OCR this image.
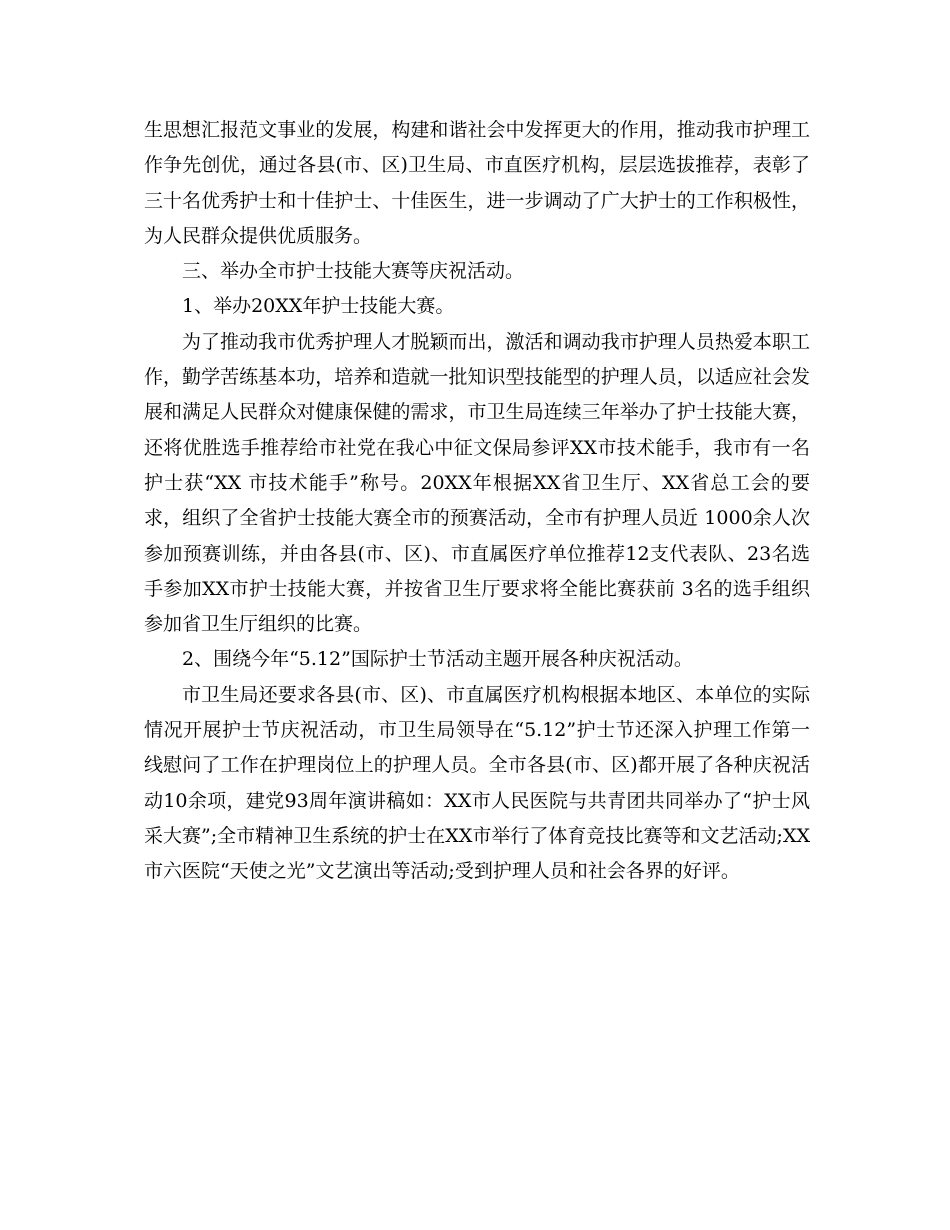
生思想汇报范文事业的发展，构建和谐社会中发挥更大的作用，推动我市护理工作争先创优，通过各县(市、区)卫生局、市直医疗机构，层层选拔推荐，表彰了三十名优秀护士和十佳护士、十佳医生，进一步调动了广大护士的工作积极性，为人民群众提供优质服务。

三、举办全市护士技能大赛等庆祝活动。

1、举办20XX年护士技能大赛。

为了推动我市优秀护理人才脱颖而出，激活和调动我市护理人员热爱本职工作，勤学苦练基本功，培养和造就一批知识型技能型的护理人员，以适应社会发展和满足人民群众对健康保健的需求，市卫生局连续三年举办了护士技能大赛，还将优胜选手推荐给市社党在我心中征文保局参评XX市技术能手，我市有一名护士获“XX 市技术能手”称号。20XX年根据XX省卫生厅、XX省总工会的要求，组织了全省护士技能大赛全市的预赛活动，全市有护理人员近 1000余人次参加预赛训练，并由各县(市、区)、市直属医疗单位推荐12支代表队、23名选手参加XX市护士技能大赛，并按省卫生厅要求将全能比赛获前 3名的选手组织参加省卫生厅组织的比赛。

2、围绕今年“5.12”国际护士节活动主题开展各种庆祝活动。

市卫生局还要求各县(市、区)、市直属医疗机构根据本地区、本单位的实际情况开展护士节庆祝活动，市卫生局领导在“5.12”护士节还深入护理工作第一线慰问了工作在护理岗位上的护理人员。全市各县(市、区)都开展了各种庆祝活动10余项，建党93周年演讲稿如：XX市人民医院与共青团共同举办了“护士风采大赛”;全市精神卫生系统的护士在XX市举行了体育竞技比赛等和文艺活动;XX市六医院“天使之光”文艺演出等活动;受到护理人员和社会各界的好评。
